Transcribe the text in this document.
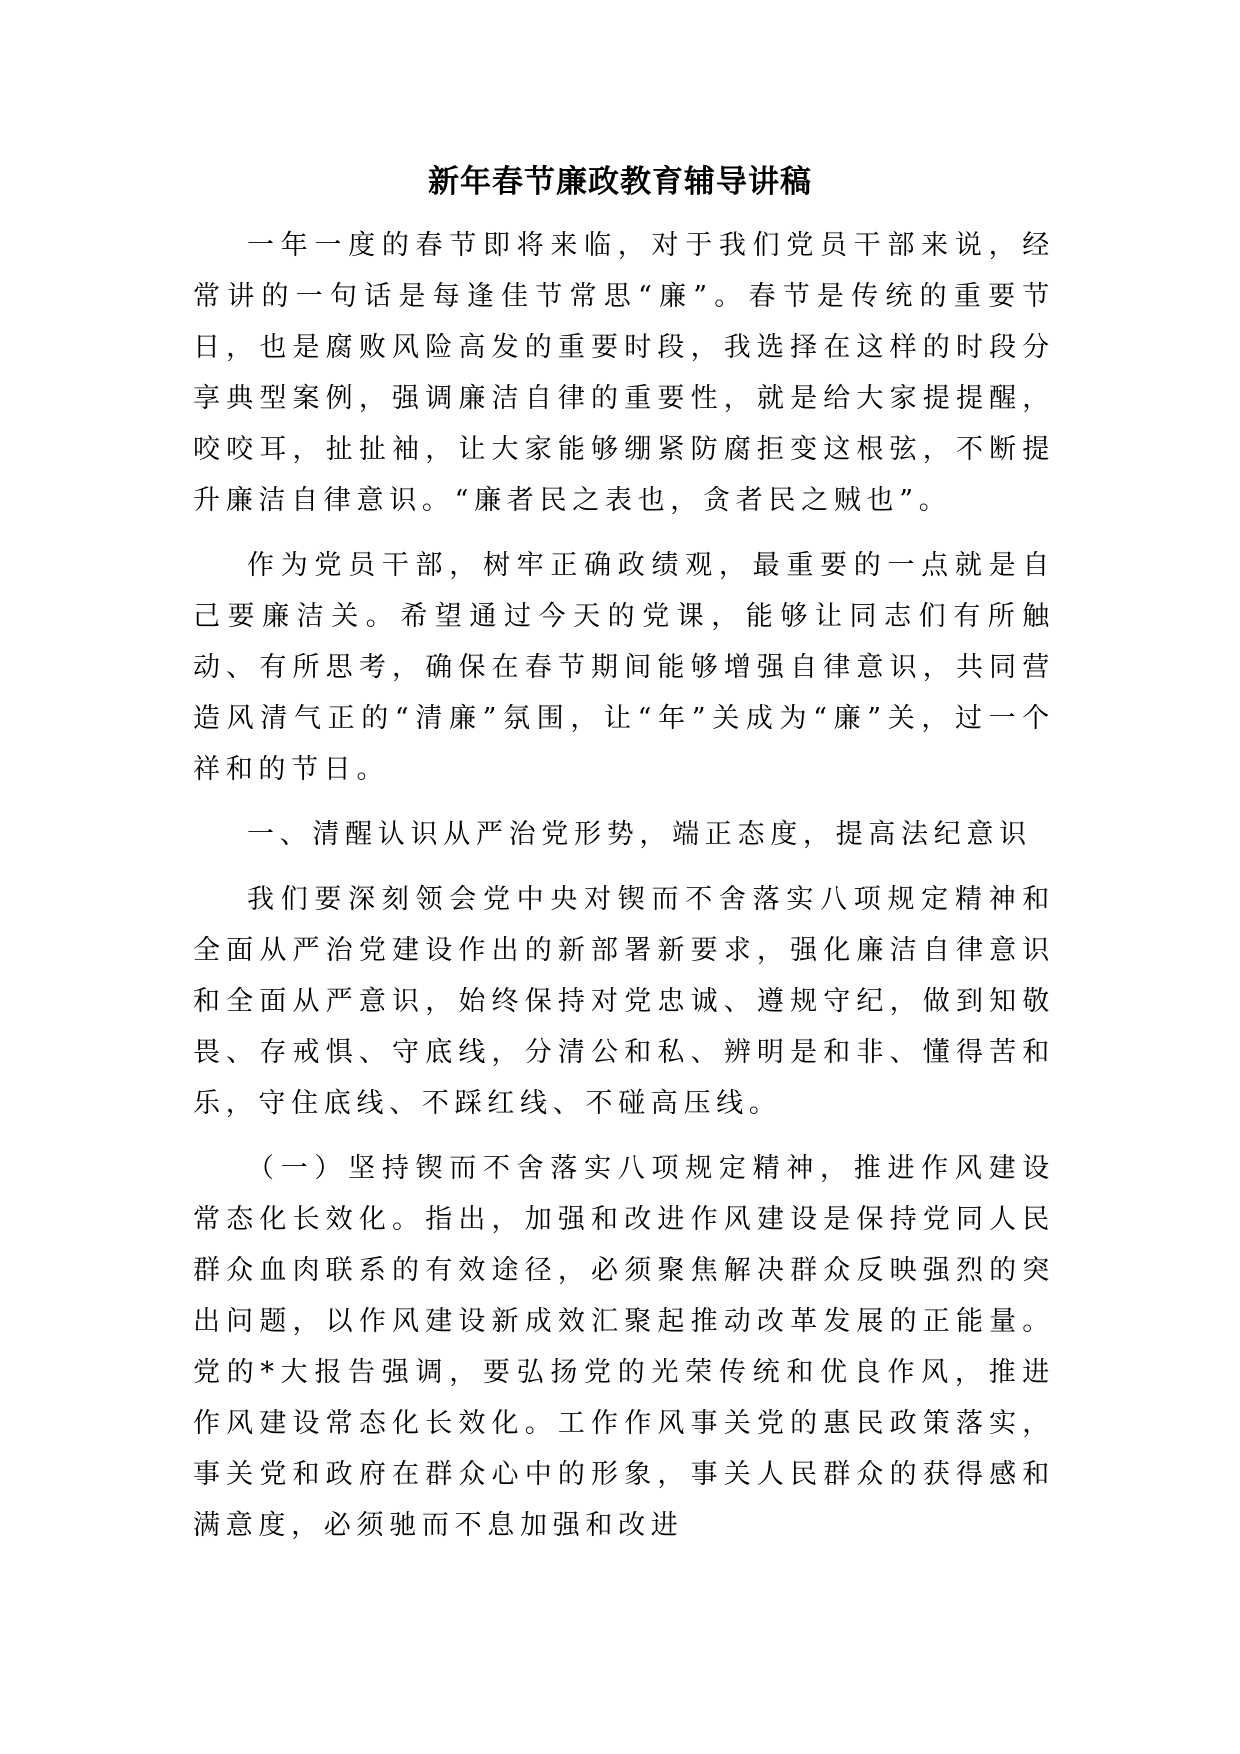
新年春节廉政教育辅导讲稿

一年一度的春节即将来临，对于我们党员干部来说，经常讲的一句话是每逢佳节常思“廉”。春节是传统的重要节日，也是腐败风险高发的重要时段，我选择在这样的时段分享典型案例，强调廉洁自律的重要性，就是给大家提提醒，咬咬耳，扯扯袖，让大家能够绷紧防腐拒变这根弦，不断提升廉洁自律意识。“廉者民之表也，贪者民之贼也”。

作为党员干部，树牢正确政绩观，最重要的一点就是自己要廉洁关。希望通过今天的党课，能够让同志们有所触动、有所思考，确保在春节期间能够增强自律意识，共同营造风清气正的“清廉”氛围，让“年”关成为“廉”关，过一个祥和的节日。

一、清醒认识从严治党形势，端正态度，提高法纪意识

我们要深刻领会党中央对锲而不舍落实八项规定精神和全面从严治党建设作出的新部署新要求，强化廉洁自律意识和全面从严意识，始终保持对党忠诚、遵规守纪，做到知敬畏、存戒惧、守底线，分清公和私、辨明是和非、懂得苦和乐，守住底线、不踩红线、不碰高压线。

（一）坚持锲而不舍落实八项规定精神，推进作风建设常态化长效化。指出，加强和改进作风建设是保持党同人民群众血肉联系的有效途径，必须聚焦解决群众反映强烈的突出问题，以作风建设新成效汇聚起推动改革发展的正能量。党的*大报告强调，要弘扬党的光荣传统和优良作风，推进作风建设常态化长效化。工作作风事关党的惠民政策落实，事关党和政府在群众心中的形象，事关人民群众的获得感和满意度，必须驰而不息加强和改进
